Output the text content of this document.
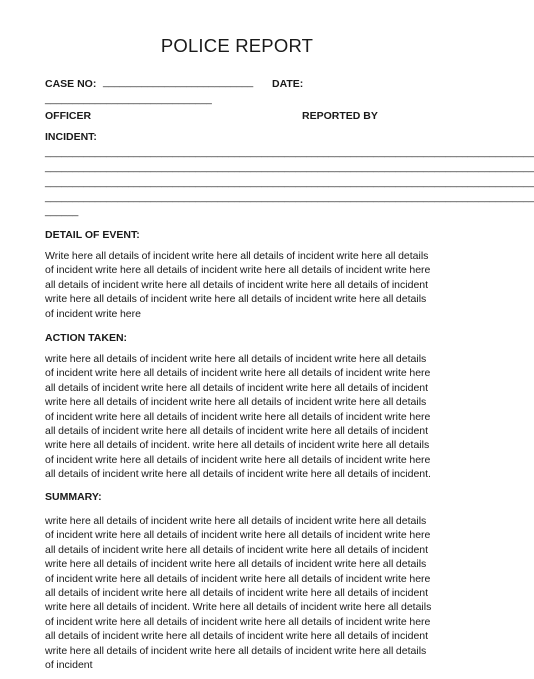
POLICE REPORT
CASE NO: ___________________________ DATE:
______________________________
OFFICER	REPORTED BY
INCIDENT:
________________________________________________________________________________________
________________________________________________________________________________________
________________________________________________________________________________________
________________________________________________________________________________________
______
DETAIL OF EVENT:
Write here all details of incident write here all details of incident write here all details
of incident write here all details of incident write here all details of incident write here
all details of incident write here all details of incident write here all details of incident
write here all details of incident write here all details of incident write here all details
of incident write here
ACTION TAKEN:
write here all details of incident write here all details of incident write here all details
of incident write here all details of incident write here all details of incident write here
all details of incident write here all details of incident write here all details of incident
write here all details of incident write here all details of incident write here all details
of incident write here all details of incident write here all details of incident write here
all details of incident write here all details of incident write here all details of incident
write here all details of incident. write here all details of incident write here all details
of incident write here all details of incident write here all details of incident write here
all details of incident write here all details of incident write here all details of incident.
SUMMARY:
write here all details of incident write here all details of incident write here all details
of incident write here all details of incident write here all details of incident write here
all details of incident write here all details of incident write here all details of incident
write here all details of incident write here all details of incident write here all details
of incident write here all details of incident write here all details of incident write here
all details of incident write here all details of incident write here all details of incident
write here all details of incident. Write here all details of incident write here all details
of incident write here all details of incident write here all details of incident write here
all details of incident write here all details of incident write here all details of incident
write here all details of incident write here all details of incident write here all details
of incident
